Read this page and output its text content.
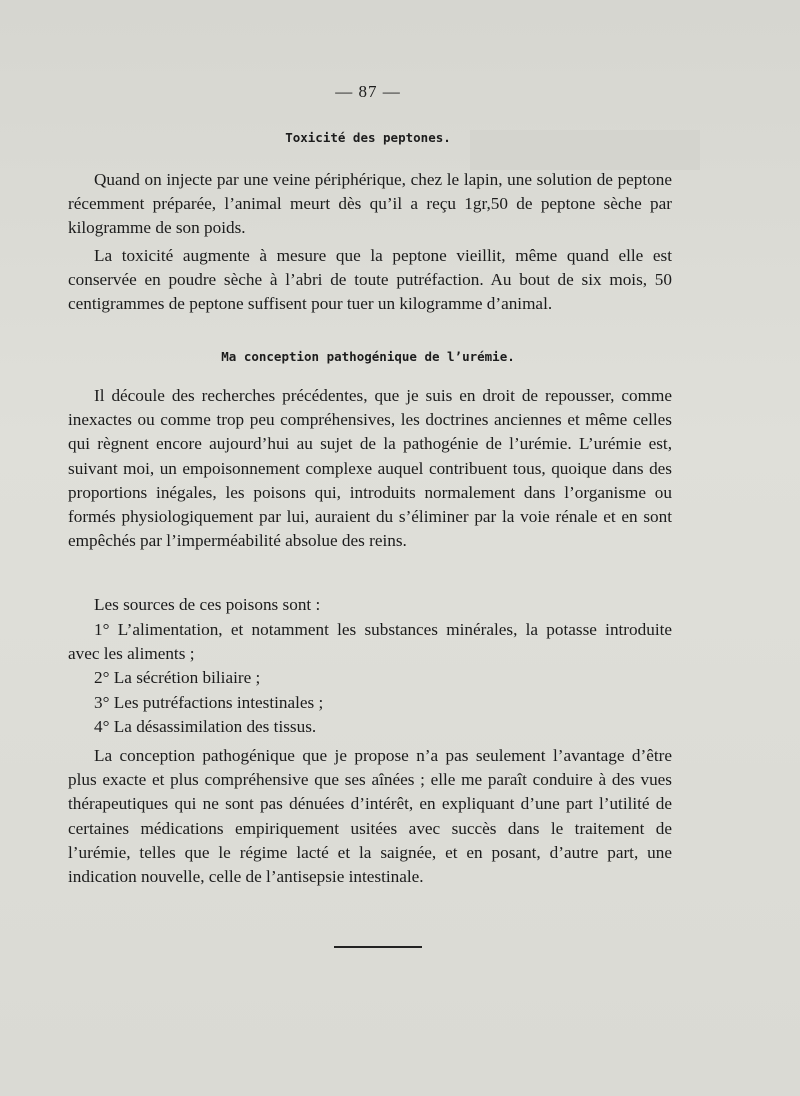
— 87 —
Toxicité des peptones.

Quand on injecte par une veine périphérique, chez le lapin, une solution de peptone récemment préparée, l’animal meurt dès qu’il a reçu 1gr,50 de peptone sèche par kilogramme de son poids.

La toxicité augmente à mesure que la peptone vieillit, même quand elle est conservée en poudre sèche à l’abri de toute putréfaction. Au bout de six mois, 50 centigrammes de peptone suffisent pour tuer un kilogramme d’animal.

Ma conception pathogénique de l’urémie.

Il découle des recherches précédentes, que je suis en droit de repousser, comme inexactes ou comme trop peu compréhensives, les doctrines anciennes et même celles qui règnent encore aujourd’hui au sujet de la pathogénie de l’urémie. L’urémie est, suivant moi, un empoisonnement complexe auquel contribuent tous, quoique dans des proportions inégales, les poisons qui, introduits normalement dans l’organisme ou formés physiologiquement par lui, auraient du s’éliminer par la voie rénale et en sont empêchés par l’imperméabilité absolue des reins.

Les sources de ces poisons sont :

1° L’alimentation, et notamment les substances minérales, la potasse introduite avec les aliments ;
2° La sécrétion biliaire ;
3° Les putréfactions intestinales ;
4° La désassimilation des tissus.

La conception pathogénique que je propose n’a pas seulement l’avantage d’être plus exacte et plus compréhensive que ses aînées ; elle me paraît conduire à des vues thérapeutiques qui ne sont pas dénuées d’intérêt, en expliquant d’une part l’utilité de certaines médications empiriquement usitées avec succès dans le traitement de l’urémie, telles que le régime lacté et la saignée, et en posant, d’autre part, une indication nouvelle, celle de l’antisepsie intestinale.
